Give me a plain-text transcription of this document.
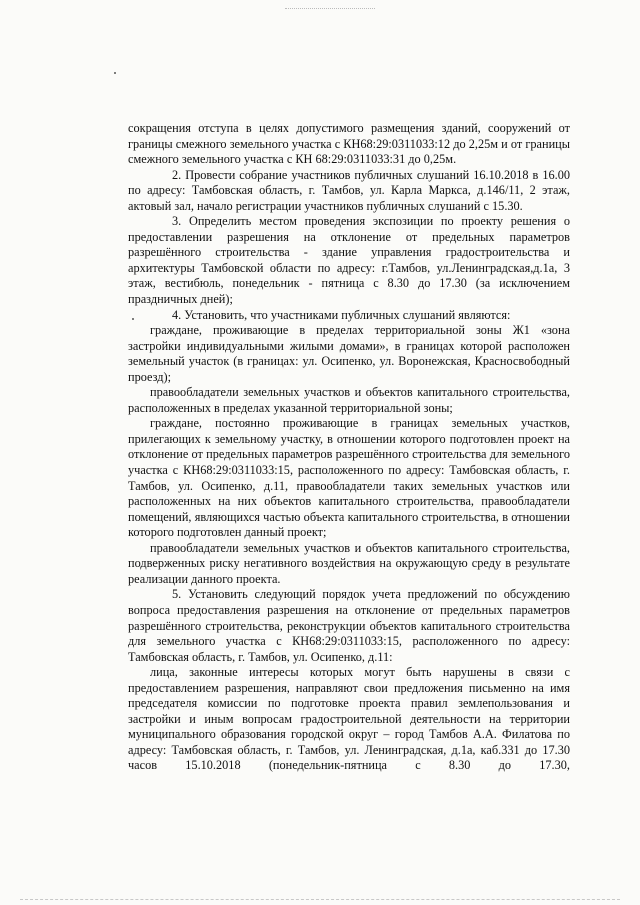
сокращения отступа в целях допустимого размещения зданий, сооружений от границы смежного земельного участка с КН68:29:0311033:12 до 2,25м и от границы смежного земельного участка с КН 68:29:0311033:31 до 0,25м.

2. Провести собрание участников публичных слушаний 16.10.2018 в 16.00 по адресу: Тамбовская область, г. Тамбов, ул. Карла Маркса, д.146/11, 2 этаж, актовый зал, начало регистрации участников публичных слушаний с 15.30.

3. Определить местом проведения экспозиции по проекту решения о предоставлении разрешения на отклонение от предельных параметров разрешённого строительства - здание управления градостроительства и архитектуры Тамбовской области по адресу: г.Тамбов, ул.Ленинградская,д.1а, 3 этаж, вестибюль, понедельник - пятница с 8.30 до 17.30 (за исключением праздничных дней);

4. Установить, что участниками публичных слушаний являются:

граждане, проживающие в пределах территориальной зоны Ж1 «зона застройки индивидуальными жилыми домами», в границах которой расположен земельный участок (в границах: ул. Осипенко, ул. Воронежская, Красносвободный проезд);

правообладатели земельных участков и объектов капитального строительства, расположенных в пределах указанной территориальной зоны;

граждане, постоянно проживающие в границах земельных участков, прилегающих к земельному участку, в отношении которого подготовлен проект на отклонение от предельных параметров разрешённого строительства для земельного участка с КН68:29:0311033:15, расположенного по адресу: Тамбовская область, г. Тамбов, ул. Осипенко, д.11, правообладатели таких земельных участков или расположенных на них объектов капитального строительства, правообладатели помещений, являющихся частью объекта капитального строительства, в отношении которого подготовлен данный проект;

правообладатели земельных участков и объектов капитального строительства, подверженных риску негативного воздействия на окружающую среду в результате реализации данного проекта.

5. Установить следующий порядок учета предложений по обсуждению вопроса предоставления разрешения на отклонение от предельных параметров разрешённого строительства, реконструкции объектов капитального строительства для земельного участка с КН68:29:0311033:15, расположенного по адресу: Тамбовская область, г. Тамбов, ул. Осипенко, д.11:

лица, законные интересы которых могут быть нарушены в связи с предоставлением разрешения, направляют свои предложения письменно на имя председателя комиссии по подготовке проекта правил землепользования и застройки и иным вопросам градостроительной деятельности на территории муниципального образования городской округ – город Тамбов А.А. Филатова по адресу: Тамбовская область, г. Тамбов, ул. Ленинградская, д.1а, каб.331 до 17.30 часов 15.10.2018 (понедельник-пятница с 8.30 до 17.30,
